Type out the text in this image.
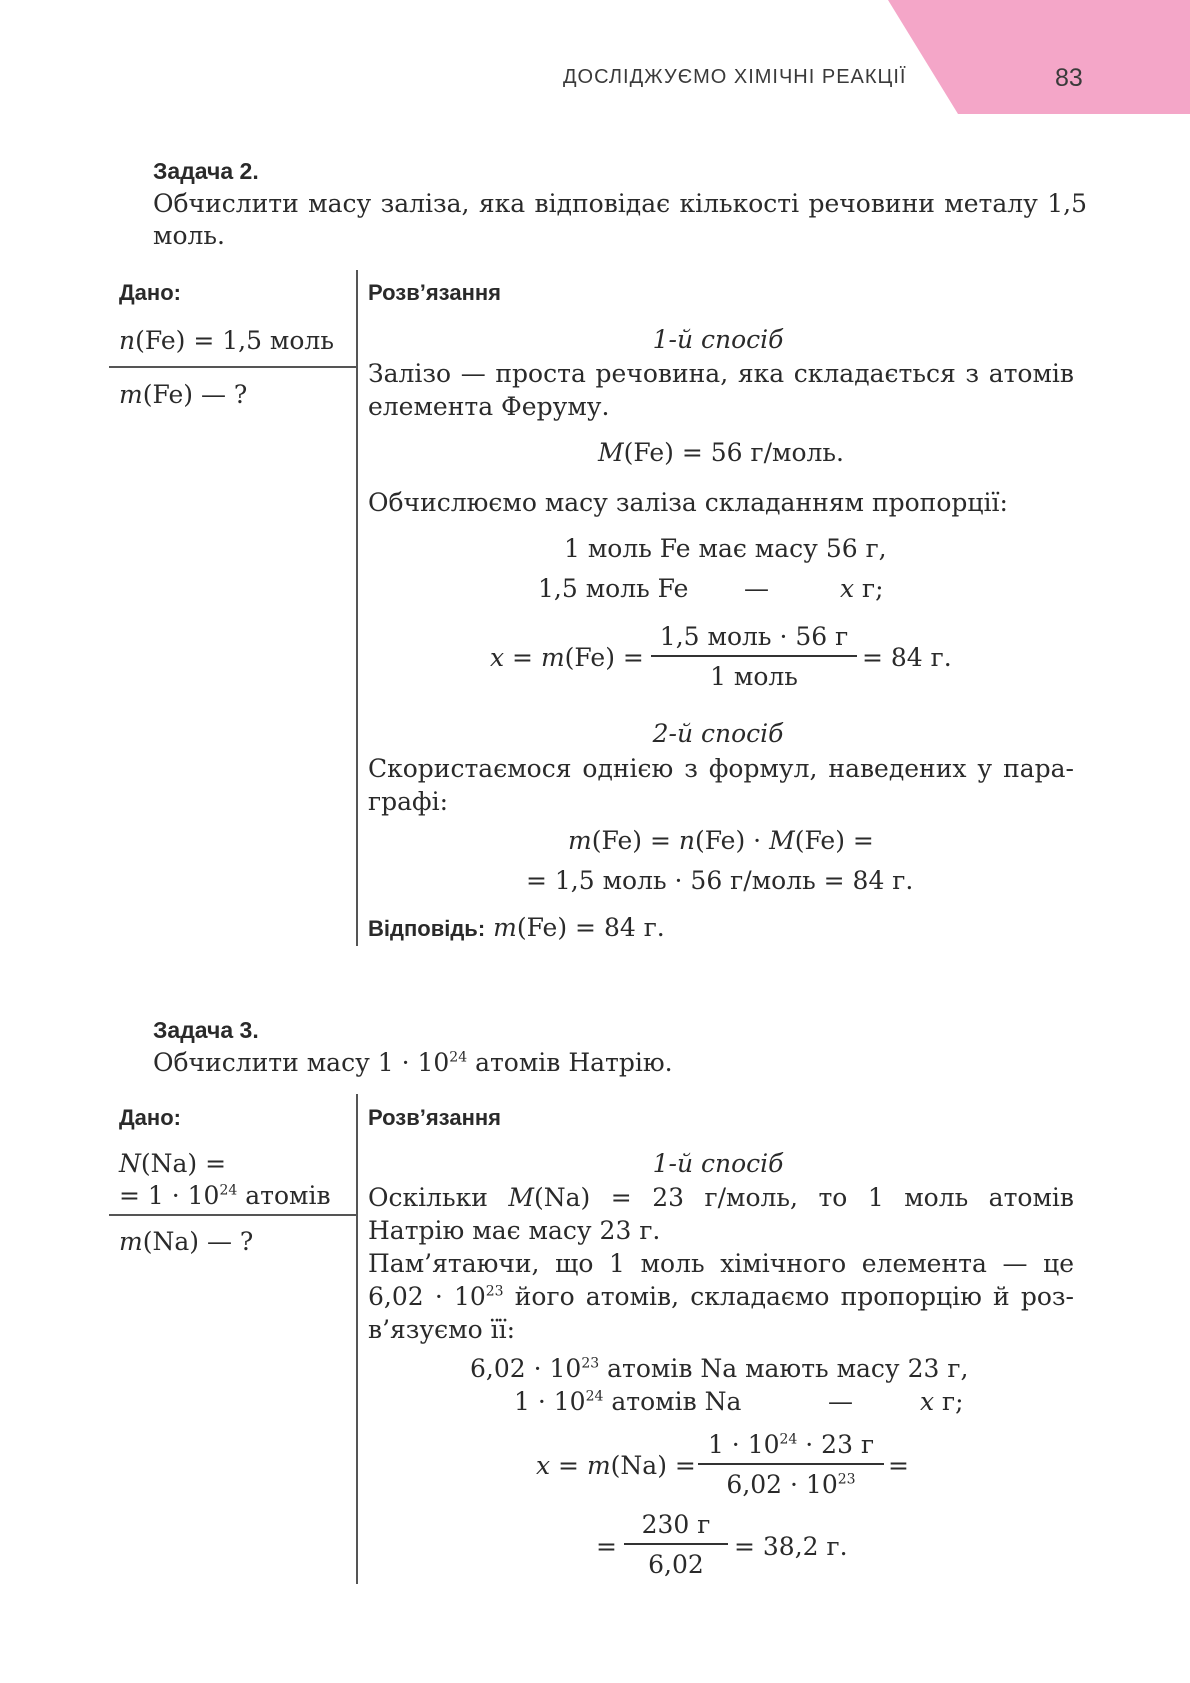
ДОСЛІДЖУЄМО ХІМІЧНІ РЕАКЦІЇ	83
Задача 2.
Обчислити масу заліза, яка відповідає кількості речовини металу 1,5 моль.
Дано:
n(Fe) = 1,5 моль
m(Fe) — ?
Розв’язання
1-й спосіб
Залізо — проста речовина, яка складається з атомів елемента Феруму.
M(Fe) = 56 г/моль.
Обчислюємо масу заліза складанням пропорції:
1 моль Fe має масу 56 г,
1,5 моль Fe —	x г;
x = m(Fe) =
1,5 моль · 56 г
1 моль
= 84 г.
2-й спосіб
Скористаємося однією з формул, наведених у пара-
графі:
m(Fe) = n(Fe) · M(Fe) =
= 1,5 моль · 56 г/моль = 84 г.
Відповідь: m(Fe) = 84 г.
Задача 3.
Обчислити масу $1 \cdot 10^{24}$ атомів Натрію.
Дано:
N(Na) =
= $1 \cdot 10^{24}$ атомів
m(Na) — ?
Розв’язання
1-й спосіб
Оскільки M(Na) = 23 г/моль, то 1 моль атомів
Натрію має масу 23 г.
Пам’ятаючи, що 1 моль хімічного елемента — це
$6,02 \cdot 10^{23}$ його атомів, складаємо пропорцію й роз-
в’язуємо її:
$6,02 \cdot 10^{23}$ атомів Na мають масу 23 г,
$1 \cdot 10^{24}$ атомів Na	—	x г;
x = m(Na) =
$1 \cdot 10^{24} \cdot 23$ г
$6,02 \cdot 10^{23}$	=
=
230 г
6,02
= 38,2 г.
